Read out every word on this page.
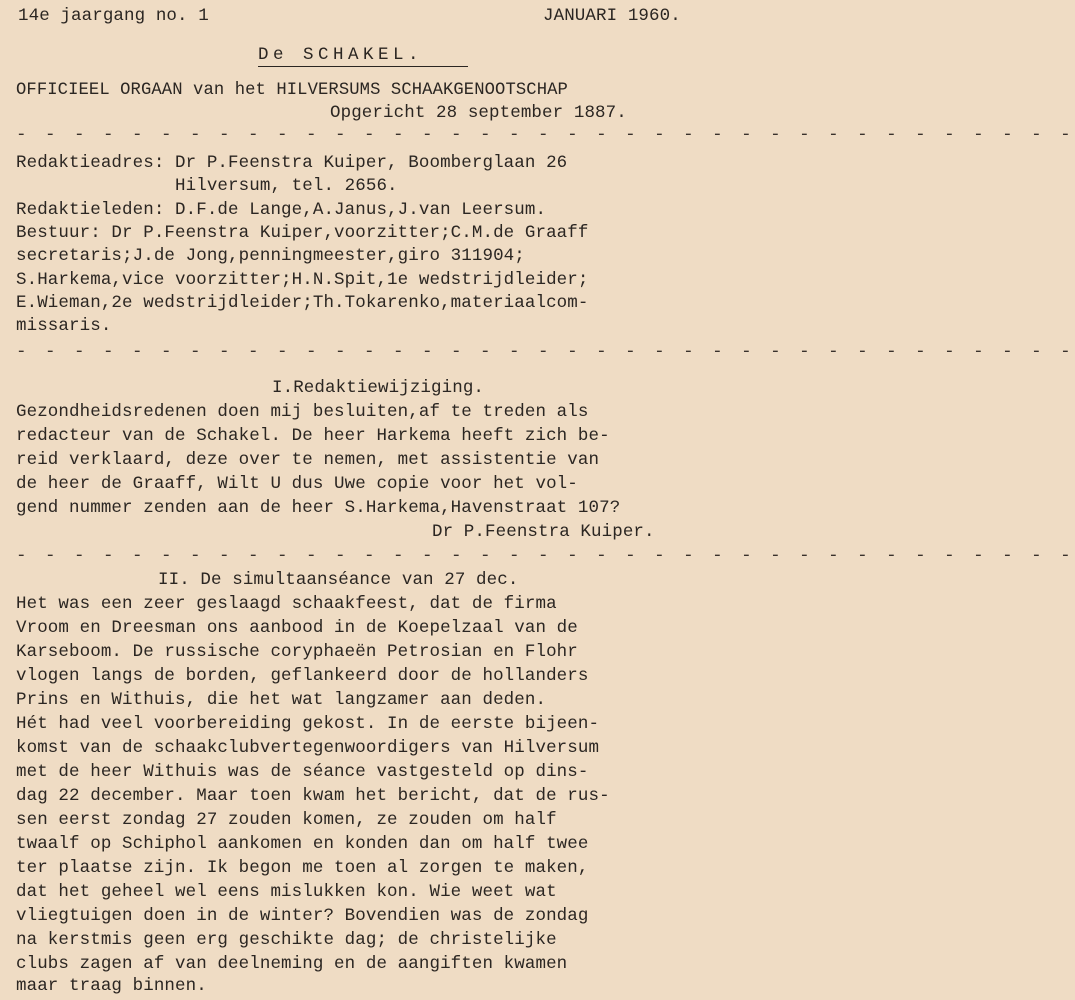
14e jaargang no. 1	JANUARI 1960.

De SCHAKEL.

OFFICIEEL ORGAAN van het HILVERSUMS SCHAAKGENOOTSCHAP

Opgericht 28 september 1887.

- - - - - - - - - - - - - - - - - - - - - - - - - - - - - - - - - - - - -

Redaktieadres: Dr P.Feenstra Kuiper, Boomberglaan 26

Hilversum, tel. 2656.

Redaktieleden: D.F.de Lange,A.Janus,J.van Leersum.

Bestuur: Dr P.Feenstra Kuiper,voorzitter;C.M.de Graaff

secretaris;J.de Jong,penningmeester,giro 311904;

S.Harkema,vice voorzitter;H.N.Spit,1e wedstrijdleider;

E.Wieman,2e wedstrijdleider;Th.Tokarenko,materiaalcom-

missaris.

- - - - - - - - - - - - - - - - - - - - - - - - - - - - - - - - - - - - -

I.Redaktiewijziging.

Gezondheidsredenen doen mij besluiten,af te treden als

redacteur van de Schakel. De heer Harkema heeft zich be-

reid verklaard, deze over te nemen, met assistentie van

de heer de Graaff, Wilt U dus Uwe copie voor het vol-

gend nummer zenden aan de heer S.Harkema,Havenstraat 107?

Dr P.Feenstra Kuiper.

- - - - - - - - - - - - - - - - - - - - - - - - - - - - - - - - - - - - -

II. De simultaanséance van 27 dec.

Het was een zeer geslaagd schaakfeest, dat de firma

Vroom en Dreesman ons aanbood in de Koepelzaal van de

Karseboom. De russische coryphaeën Petrosian en Flohr

vlogen langs de borden, geflankeerd door de hollanders

Prins en Withuis, die het wat langzamer aan deden.

Hét had veel voorbereiding gekost. In de eerste bijeen-

komst van de schaakclubvertegenwoordigers van Hilversum

met de heer Withuis was de séance vastgesteld op dins-

dag 22 december. Maar toen kwam het bericht, dat de rus-

sen eerst zondag 27 zouden komen, ze zouden om half

twaalf op Schiphol aankomen en konden dan om half twee

ter plaatse zijn. Ik begon me toen al zorgen te maken,

dat het geheel wel eens mislukken kon. Wie weet wat

vliegtuigen doen in de winter? Bovendien was de zondag

na kerstmis geen erg geschikte dag; de christelijke

clubs zagen af van deelneming en de aangiften kwamen

maar traag binnen.
